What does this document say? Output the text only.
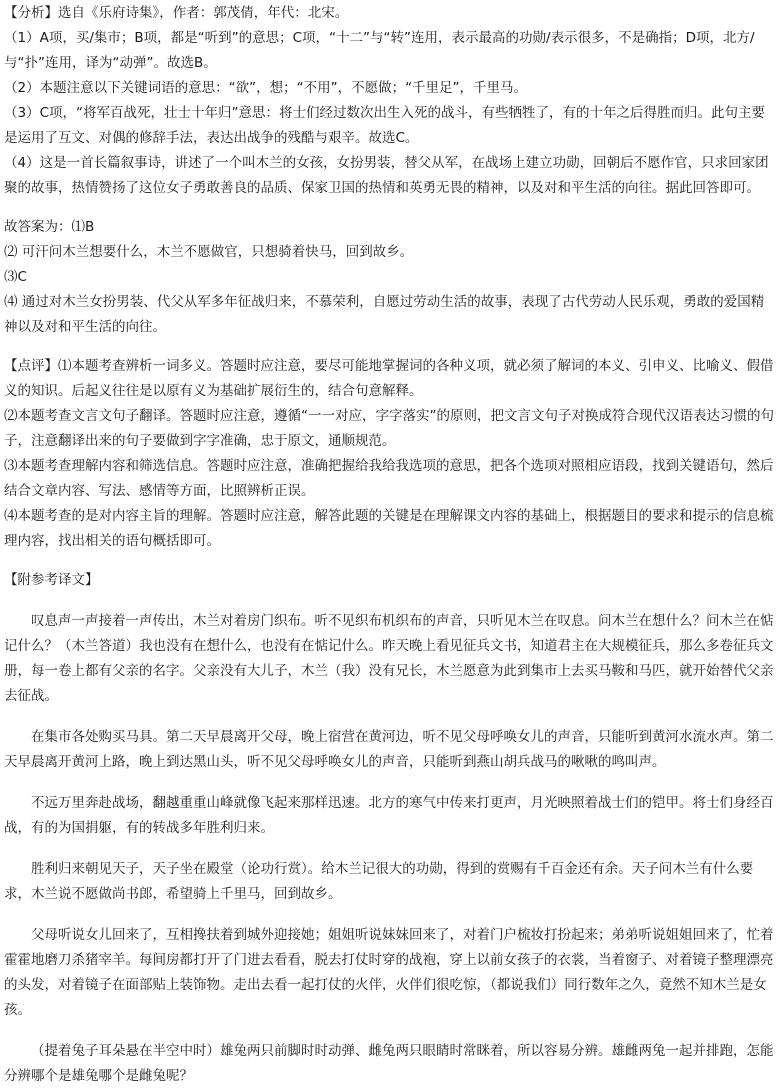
【分析】选自《乐府诗集》，作者：郭茂倩，年代：北宋。

（1）A项，买/集市；B项，都是“听到”的意思；C项，“十二”与“转”连用，表示最高的功勋/表示很多，不是确指；D项，北方/与“扑”连用，译为“动弹”。故选B。

（2）本题注意以下关键词语的意思：“欲”，想；“不用”，不愿做；“千里足”，千里马。

（3）C项，“将军百战死，壮士十年归”意思：将士们经过数次出生入死的战斗，有些牺牲了，有的十年之后得胜而归。此句主要是运用了互文、对偶的修辞手法，表达出战争的残酷与艰辛。故选C。

（4）这是一首长篇叙事诗，讲述了一个叫木兰的女孩，女扮男装，替父从军，在战场上建立功勋，回朝后不愿作官，只求回家团聚的故事，热情赞扬了这位女子勇敢善良的品质、保家卫国的热情和英勇无畏的精神，以及对和平生活的向往。据此回答即可。

故答案为：⑴B

⑵ 可汗问木兰想要什么，木兰不愿做官，只想骑着快马，回到故乡。

⑶C

⑷ 通过对木兰女扮男装、代父从军多年征战归来，不慕荣利，自愿过劳动生活的故事，表现了古代劳动人民乐观，勇敢的爱国精神以及对和平生活的向往。

【点评】⑴本题考查辨析一词多义。答题时应注意，要尽可能地掌握词的各种义项，就必须了解词的本义、引申义、比喻义、假借义的知识。后起义往往是以原有义为基础扩展衍生的，结合句意解释。

⑵本题考查文言文句子翻译。答题时应注意，遵循“一一对应，字字落实”的原则，把文言文句子对换成符合现代汉语表达习惯的句子，注意翻译出来的句子要做到字字准确，忠于原文，通顺规范。

⑶本题考查理解内容和筛选信息。答题时应注意，准确把握给我给我选项的意思，把各个选项对照相应语段，找到关键语句，然后结合文章内容、写法、感情等方面，比照辨析正误。

⑷本题考查的是对内容主旨的理解。答题时应注意，解答此题的关键是在理解课文内容的基础上，根据题目的要求和提示的信息梳理内容，找出相关的语句概括即可。

【附参考译文】

叹息声一声接着一声传出，木兰对着房门织布。听不见织布机织布的声音，只听见木兰在叹息。问木兰在想什么？问木兰在惦记什么？（木兰答道）我也没有在想什么，也没有在惦记什么。昨天晚上看见征兵文书，知道君主在大规模征兵，那么多卷征兵文册，每一卷上都有父亲的名字。父亲没有大儿子，木兰（我）没有兄长，木兰愿意为此到集市上去买马鞍和马匹，就开始替代父亲去征战。

在集市各处购买马具。第二天早晨离开父母，晚上宿营在黄河边，听不见父母呼唤女儿的声音，只能听到黄河水流水声。第二天早晨离开黄河上路，晚上到达黑山头，听不见父母呼唤女儿的声音，只能听到燕山胡兵战马的啾啾的鸣叫声。

不远万里奔赴战场，翻越重重山峰就像飞起来那样迅速。北方的寒气中传来打更声，月光映照着战士们的铠甲。将士们身经百战，有的为国捐躯，有的转战多年胜利归来。

胜利归来朝见天子，天子坐在殿堂（论功行赏）。给木兰记很大的功勋，得到的赏赐有千百金还有余。天子问木兰有什么要求，木兰说不愿做尚书郎，希望骑上千里马，回到故乡。

父母听说女儿回来了，互相搀扶着到城外迎接她；姐姐听说妹妹回来了，对着门户梳妆打扮起来；弟弟听说姐姐回来了，忙着霍霍地磨刀杀猪宰羊。每间房都打开了门进去看看，脱去打仗时穿的战袍，穿上以前女孩子的衣裳，当着窗子、对着镜子整理漂亮的头发，对着镜子在面部贴上装饰物。走出去看一起打仗的火伴，火伴们很吃惊，（都说我们）同行数年之久，竟然不知木兰是女孩。

（提着兔子耳朵悬在半空中时）雄兔两只前脚时时动弹、雌兔两只眼睛时常眯着，所以容易分辨。雄雌两兔一起并排跑，怎能分辨哪个是雄兔哪个是雌兔呢？
